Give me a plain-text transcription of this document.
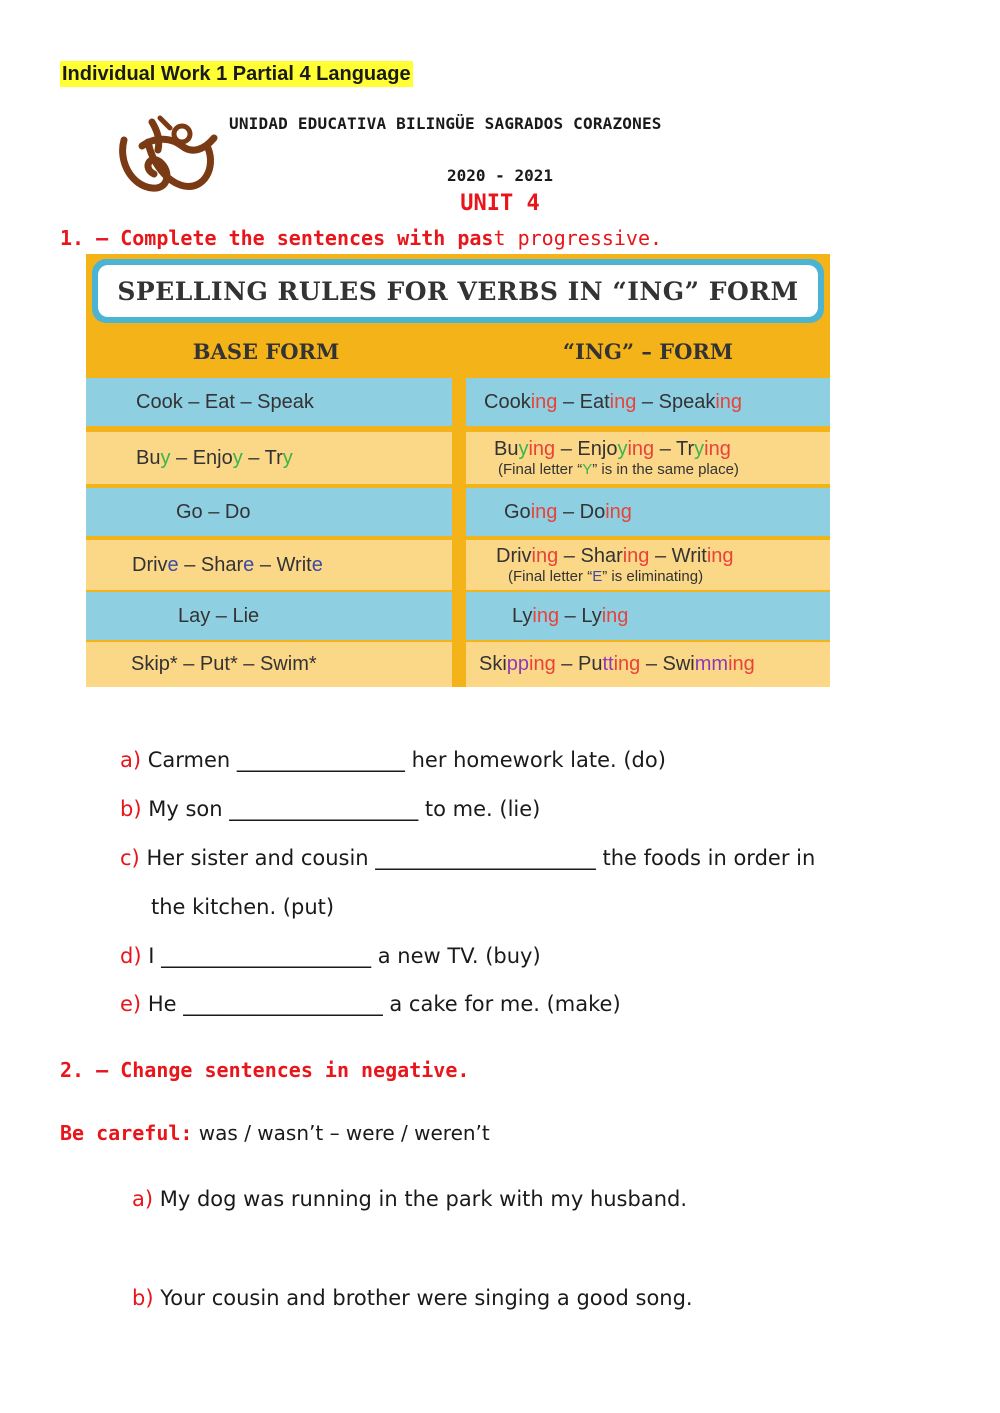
Individual Work 1 Partial 4 Language
UNIDAD EDUCATIVA BILINGÜE SAGRADOS CORAZONES
2020 - 2021
UNIT 4
1. – Complete the sentences with past progressive.
SPELLING RULES FOR VERBS IN “ING” FORM
BASE FORM	“ING” – FORM
Cook – Eat – Speak
Buy – Enjoy – Try
Go – Do
Drive – Share – Write
Lay – Lie
Skip* – Put* – Swim*
Cooking – Eating – Speaking
Buying – Enjoying – Trying
(Final letter “Y” is in the same place)
Going – Doing
Driving – Sharing – Writing
(Final letter “E” is eliminating)
Lying – Lying
Skipping – Putting – Swimming
a) Carmen ________________ her homework late. (do)
b) My son __________________ to me. (lie)
c) Her sister and cousin _____________________ the foods in order in
the kitchen. (put)
d) I ____________________ a new TV. (buy)
e) He ___________________ a cake for me. (make)
2. – Change sentences in negative.
Be careful: was / wasn’t – were / weren’t
a) My dog was running in the park with my husband.
b) Your cousin and brother were singing a good song.
